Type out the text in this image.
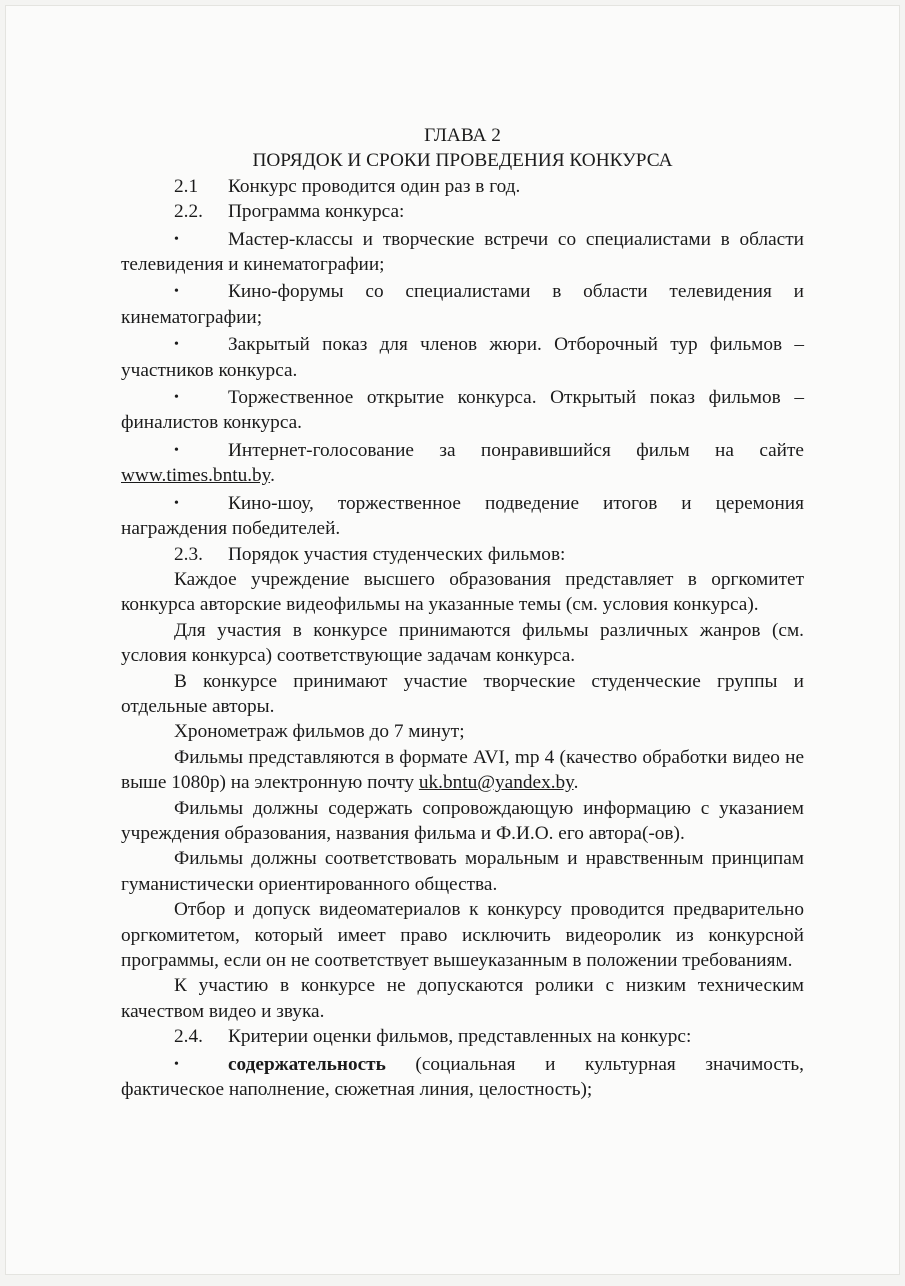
ГЛАВА 2

ПОРЯДОК И СРОКИ ПРОВЕДЕНИЯ КОНКУРСА

2.1 Конкурс проводится один раз в год.

2.2. Программа конкурса:

•	Мастер-классы и творческие встречи со специалистами в области телевидения и кинематографии;

•	Кино-форумы со специалистами в области телевидения и кинематографии;

•	Закрытый показ для членов жюри. Отборочный тур фильмов – участников конкурса.

•	Торжественное открытие конкурса. Открытый показ фильмов – финалистов конкурса.

•	Интернет-голосование за понравившийся фильм на сайте www.times.bntu.by.

•	Кино-шоу, торжественное подведение итогов и церемония награждения победителей.

2.3. Порядок участия студенческих фильмов:

Каждое учреждение высшего образования представляет в оргкомитет конкурса авторские видеофильмы на указанные темы (см. условия конкурса).

Для участия в конкурсе принимаются фильмы различных жанров (см. условия конкурса) соответствующие задачам конкурса.

В конкурсе принимают участие творческие студенческие группы и отдельные авторы.

Хронометраж фильмов до 7 минут;

Фильмы представляются в формате AVI, mp 4 (качество обработки видео не выше 1080р) на электронную почту uk.bntu@yandex.by.

Фильмы должны содержать сопровождающую информацию с указанием учреждения образования, названия фильма и Ф.И.О. его автора(-ов).

Фильмы должны соответствовать моральным и нравственным принципам гуманистически ориентированного общества.

Отбор и допуск видеоматериалов к конкурсу проводится предварительно оргкомитетом, который имеет право исключить видеоролик из конкурсной программы, если он не соответствует вышеуказанным в положении требованиям.

К участию в конкурсе не допускаются ролики с низким техническим качеством видео и звука.

2.4. Критерии оценки фильмов, представленных на конкурс:

•	содержательность (социальная и культурная значимость, фактическое наполнение, сюжетная линия, целостность);
